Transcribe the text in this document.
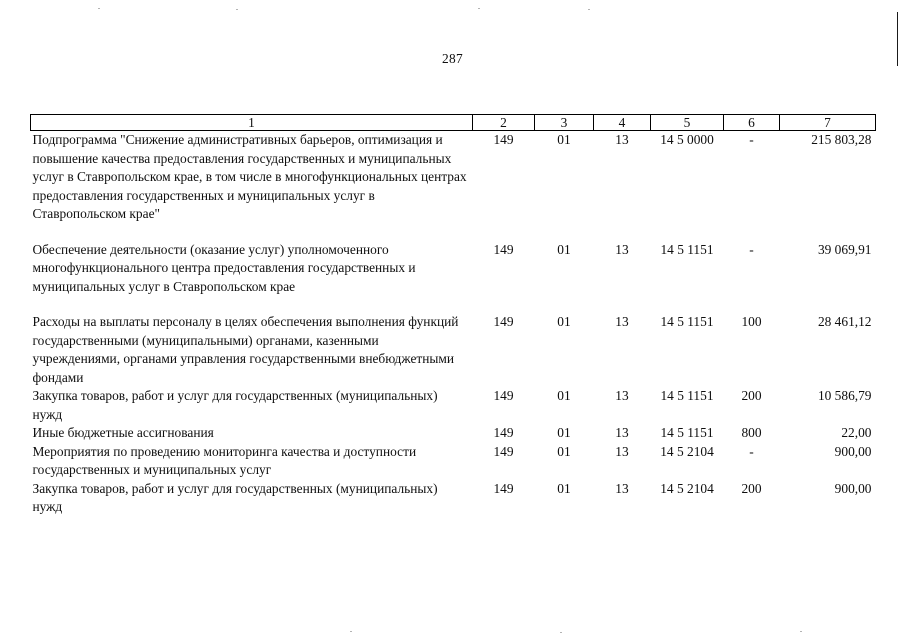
287
1	2	3	4	5	6	7
Подпрограмма "Снижение административных барьеров, оптимизация и повышение качества предоставления государственных и муниципальных услуг в Ставропольском крае, в том числе в многофункциональных центрах предоставления государственных и муниципальных услуг в Ставропольском крае"	149	01	13	14 5 0000	-	215 803,28
Обеспечение деятельности (оказание услуг) уполномоченного многофункционального центра предоставления государственных и муниципальных услуг в Ставропольском крае	149	01	13	14 5 1151	-	39 069,91
Расходы на выплаты персоналу в целях обеспечения выполнения функций государственными (муниципальными) органами, казенными учреждениями, органами управления государственными внебюджетными фондами	149	01	13	14 5 1151	100	28 461,12
Закупка товаров, работ и услуг для государственных (муниципальных) нужд	149	01	13	14 5 1151	200	10 586,79
Иные бюджетные ассигнования	149	01	13	14 5 1151	800	22,00
Мероприятия по проведению мониторинга качества и доступности государственных и муниципальных услуг	149	01	13	14 5 2104	-	900,00
Закупка товаров, работ и услуг для государственных (муниципальных) нужд	149	01	13	14 5 2104	200	900,00
